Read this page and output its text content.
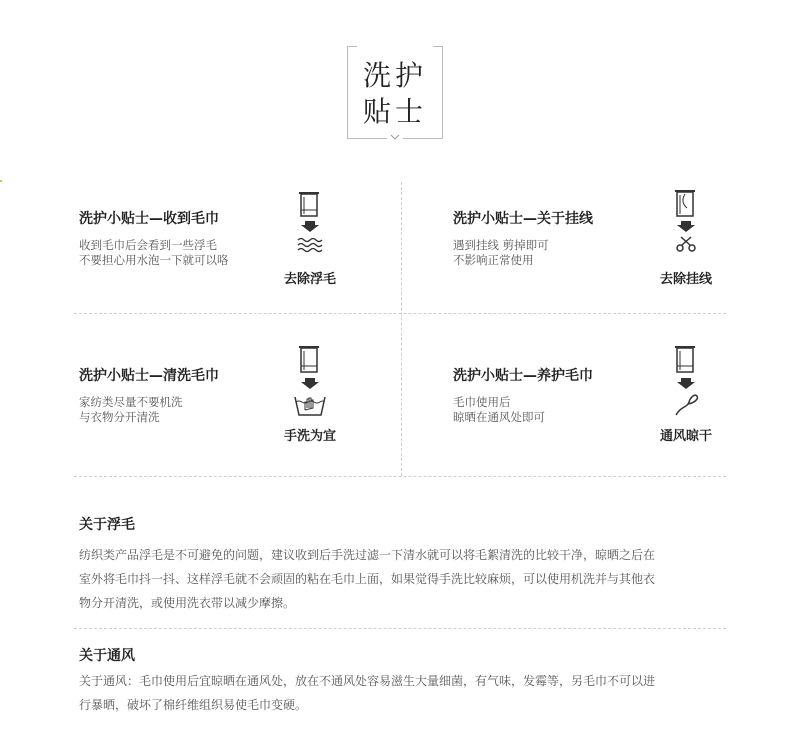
洗护
贴士
洗护小贴士—收到毛巾
收到毛巾后会看到一些浮毛
不要担心用水泡一下就可以咯
去除浮毛
洗护小贴士—关于挂线
遇到挂线 剪掉即可
不影响正常使用
去除挂线
洗护小贴士—清洗毛巾
家纺类尽量不要机洗
与衣物分开清洗
手洗为宜
洗护小贴士—养护毛巾
毛巾使用后
晾晒在通风处即可
通风晾干
关于浮毛
纺织类产品浮毛是不可避免的问题，建议收到后手洗过滤一下清水就可以将毛絮清洗的比较干净，晾晒之后在
室外将毛巾抖一抖、这样浮毛就不会顽固的粘在毛巾上面，如果觉得手洗比较麻烦，可以使用机洗并与其他衣
物分开清洗，或使用洗衣带以减少摩擦。
关于通风
关于通风：毛巾使用后宜晾晒在通风处，放在不通风处容易滋生大量细菌，有气味，发霉等，另毛巾不可以进
行暴晒，破坏了棉纤维组织易使毛巾变硬。
